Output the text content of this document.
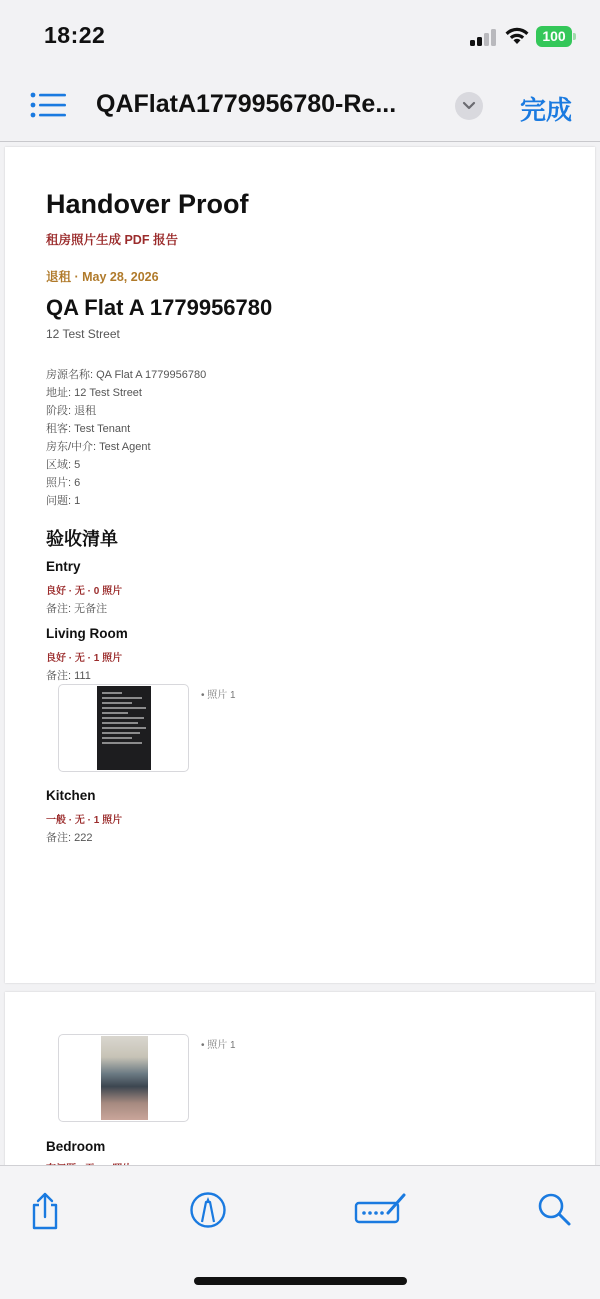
18:22	100
QAFlatA1779956780-Re...	完成
Handover Proof
租房照片生成 PDF 报告
退租 · May 28, 2026
QA Flat A 1779956780
12 Test Street
房源名称: QA Flat A 1779956780
地址: 12 Test Street
阶段: 退租
租客: Test Tenant
房东/中介: Test Agent
区域: 5
照片: 6
问题: 1
验收清单
Entry
良好 · 无 · 0 照片
备注: 无备注
Living Room
良好 · 无 · 1 照片
备注: 111
• 照片 1
Kitchen
一般 · 无 · 1 照片
备注: 222
• 照片 1
Bedroom
